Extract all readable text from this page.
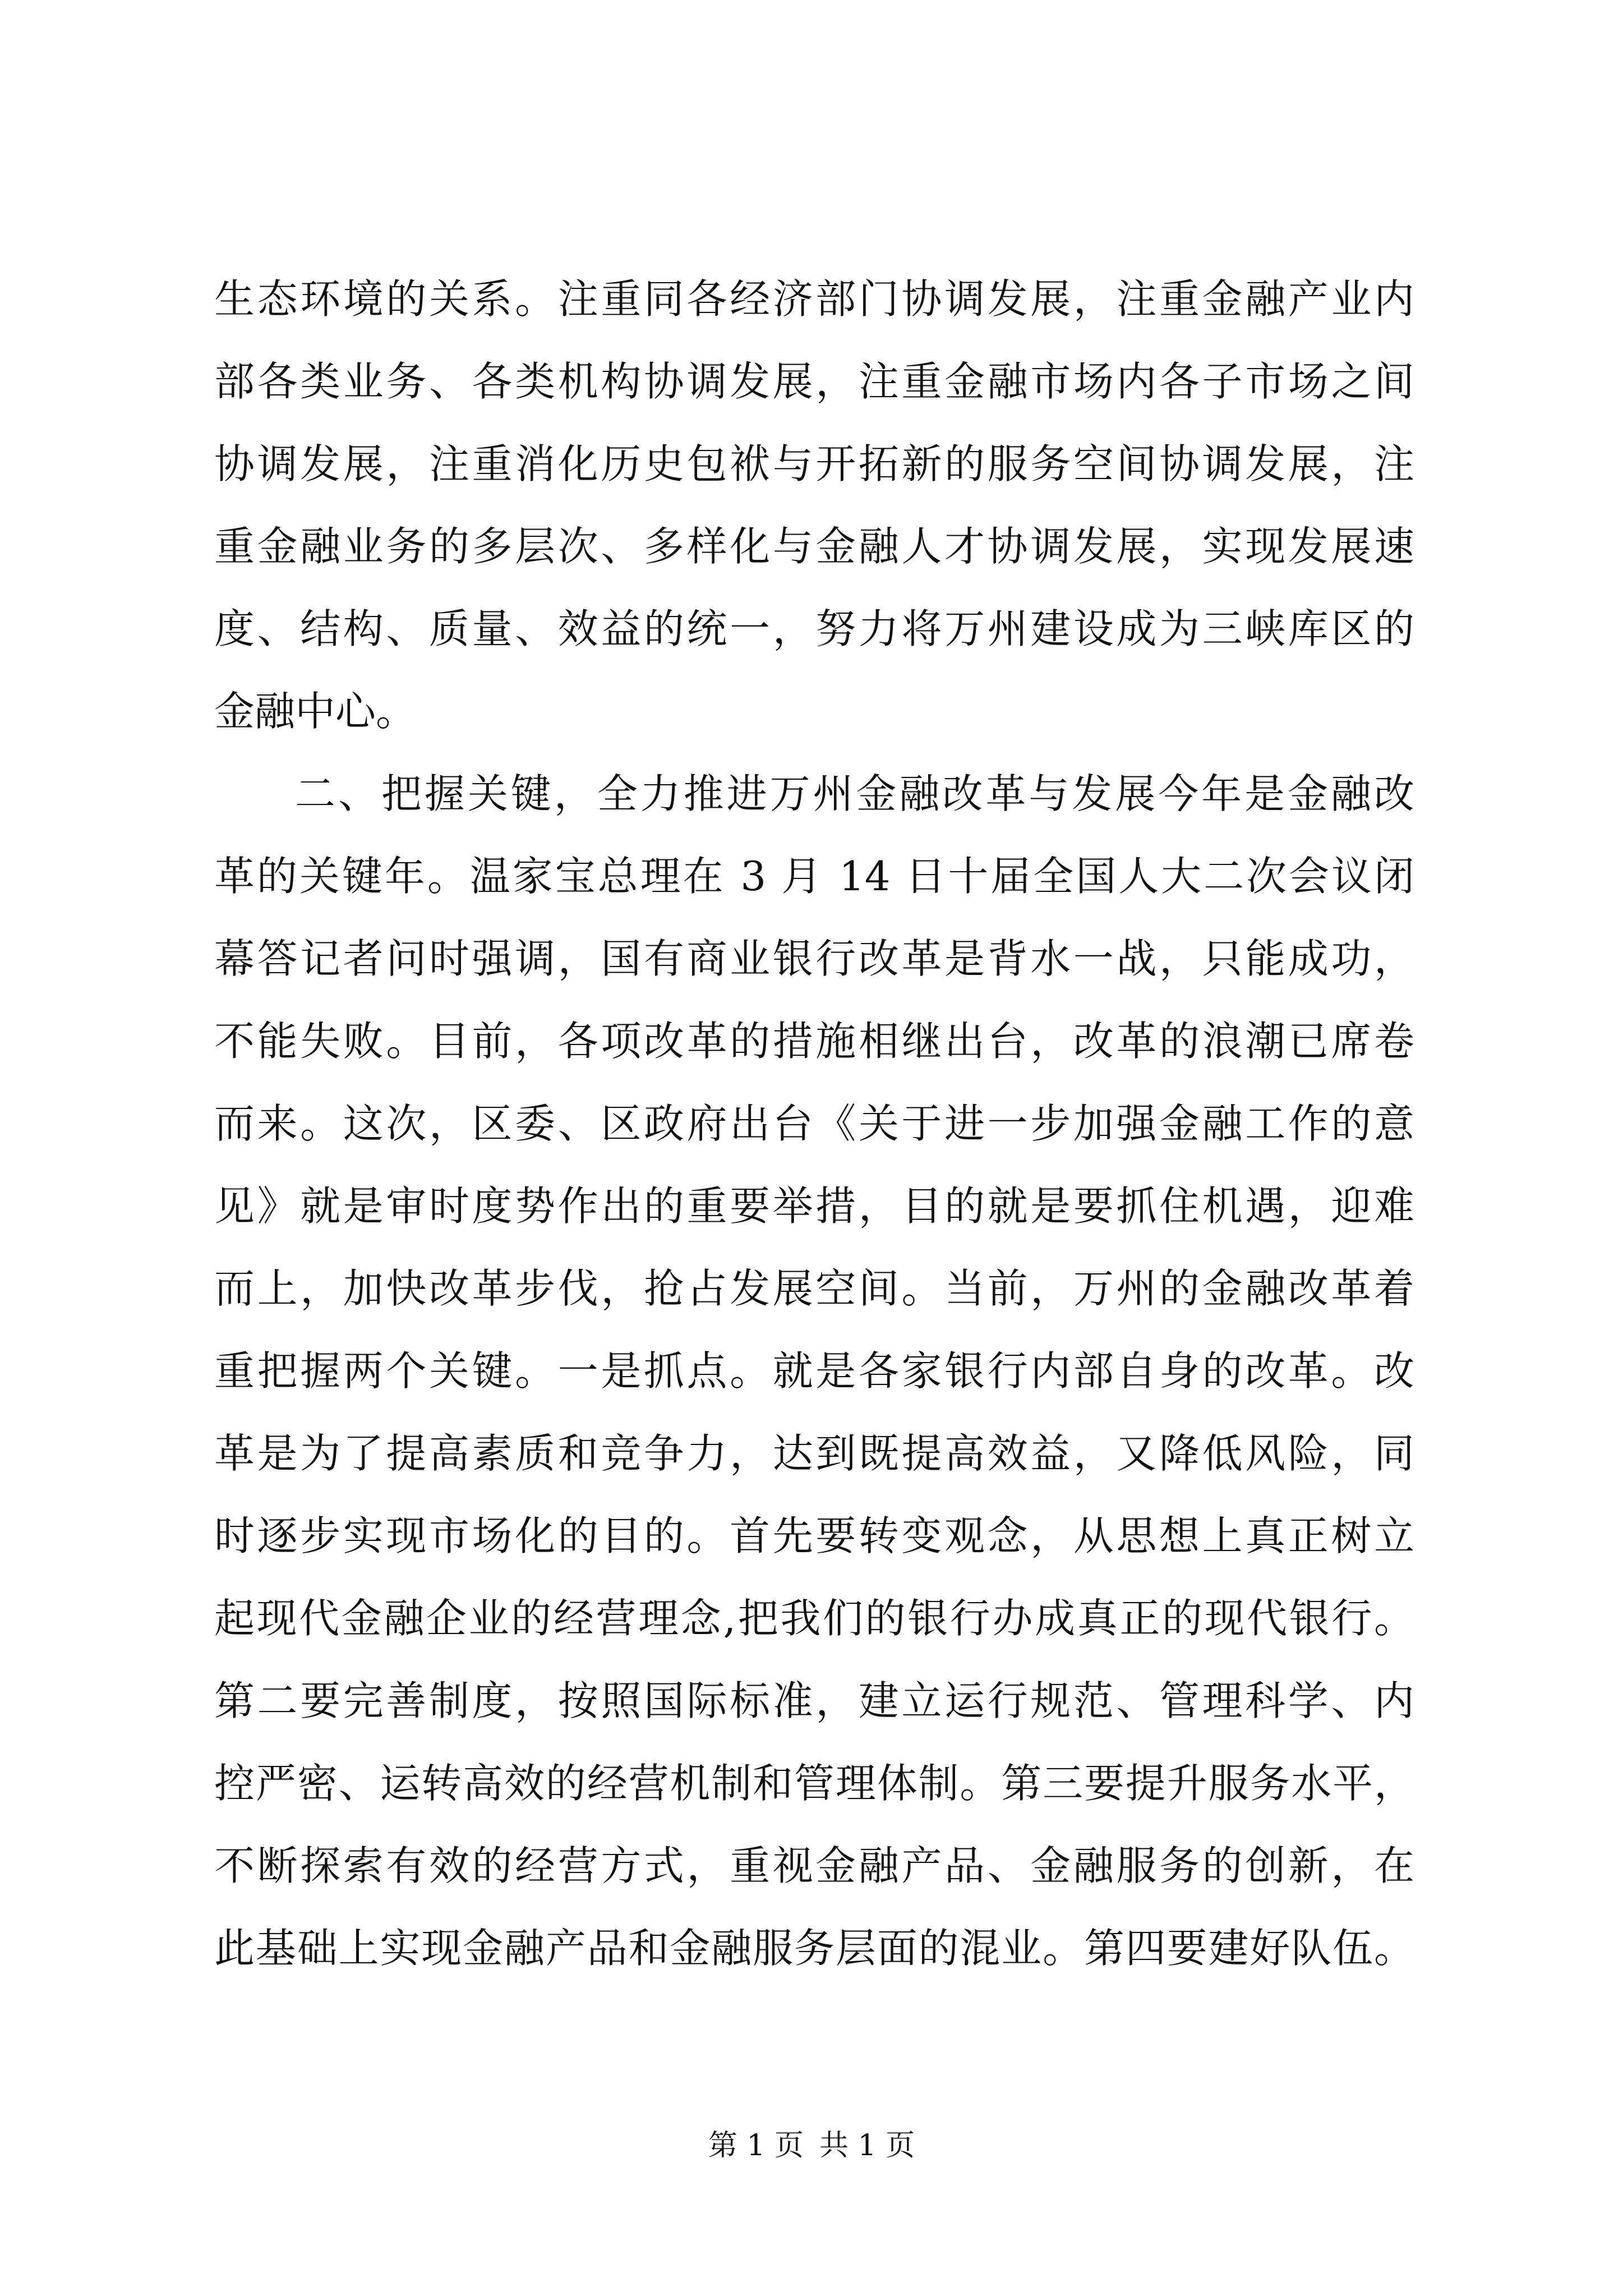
生态环境的关系。注重同各经济部门协调发展，注重金融产业内
部各类业务、各类机构协调发展，注重金融市场内各子市场之间
协调发展，注重消化历史包袱与开拓新的服务空间协调发展，注
重金融业务的多层次、多样化与金融人才协调发展，实现发展速
度、结构、质量、效益的统一，努力将万州建设成为三峡库区的
金融中心。
二、把握关键，全力推进万州金融改革与发展今年是金融改
革的关键年。温家宝总理在 3 月 14 日十届全国人大二次会议闭
幕答记者问时强调，国有商业银行改革是背水一战，只能成功，
不能失败。目前，各项改革的措施相继出台，改革的浪潮已席卷
而来。这次，区委、区政府出台《关于进一步加强金融工作的意
见》就是审时度势作出的重要举措，目的就是要抓住机遇，迎难
而上，加快改革步伐，抢占发展空间。当前，万州的金融改革着
重把握两个关键。一是抓点。就是各家银行内部自身的改革。改
革是为了提高素质和竞争力，达到既提高效益，又降低风险，同
时逐步实现市场化的目的。首先要转变观念，从思想上真正树立
起现代金融企业的经营理念,把我们的银行办成真正的现代银行。
第二要完善制度，按照国际标准，建立运行规范、管理科学、内
控严密、运转高效的经营机制和管理体制。第三要提升服务水平，
不断探索有效的经营方式，重视金融产品、金融服务的创新，在
此基础上实现金融产品和金融服务层面的混业。第四要建好队伍。
第 1 页 共 1 页
